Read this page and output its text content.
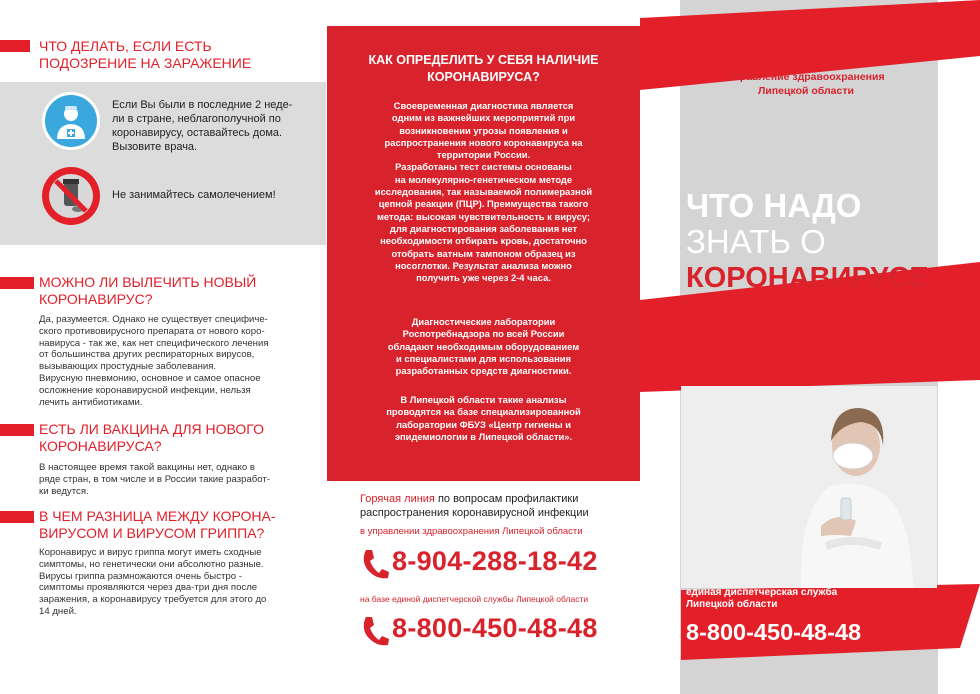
ЧТО ДЕЛАТЬ, ЕСЛИ ЕСТЬ
ПОДОЗРЕНИЕ НА ЗАРАЖЕНИЕ
Если Вы были в последние 2 неде-
ли в стране, неблагополучной по
коронавирусу, оставайтесь дома.
Вызовите врача.
Не занимайтесь самолечением!
МОЖНО ЛИ ВЫЛЕЧИТЬ НОВЫЙ
КОРОНАВИРУС?
Да, разумеется. Однако не существует специфиче-
ского противовирусного препарата от нового коро-
навируса - так же, как нет специфического лечения
от большинства других респираторных вирусов,
вызывающих простудные заболевания.
Вирусную пневмонию, основное и самое опасное
осложнение коронавирусной инфекции, нельзя
лечить антибиотиками.
ЕСТЬ ЛИ ВАКЦИНА ДЛЯ НОВОГО
КОРОНАВИРУСА?
В настоящее время такой вакцины нет, однако в
ряде стран, в том числе и в России такие разработ-
ки ведутся.
В ЧЕМ РАЗНИЦА МЕЖДУ КОРОНА-
ВИРУСОМ И ВИРУСОМ ГРИППА?
Коронавирус и вирус гриппа могут иметь сходные
симптомы, но генетически они абсолютно разные.
Вирусы гриппа размножаются очень быстро -
симптомы проявляются через два-три дня после
заражения, а коронавирусу требуется для этого до
14 дней.
КАК ОПРЕДЕЛИТЬ У СЕБЯ НАЛИЧИЕ
КОРОНАВИРУСА?
Своевременная диагностика является
одним из важнейших мероприятий при
возникновении угрозы появления и
распространения нового коронавируса на
территории России.
Разработаны тест системы основаны
на молекулярно-генетическом методе
исследования, так называемой полимеразной
цепной реакции (ПЦР). Преимущества такого
метода: высокая чувствительность к вирусу;
для диагностирования заболевания нет
необходимости отбирать кровь, достаточно
отобрать ватным тампоном образец из
носоглотки. Результат анализа можно
получить уже через 2-4 часа.
Диагностические лаборатории
Роспотребнадзора по всей России
обладают необходимым оборудованием
и специалистами для использования
разработанных средств диагностики.
В Липецкой области такие анализы
проводятся на базе специализированной
лаборатории ФБУЗ «Центр гигиены и
эпидемиологии в Липецкой области».
Горячая линия по вопросам профилактики
распространения коронавирусной инфекции
в управлении здравоохранения Липецкой области
8-904-288-18-42
на базе единой диспетчерской службы Липецкой области
8-800-450-48-48
Управление здравоохранения
Липецкой области
ЧТО НАДО
ЗНАТЬ О
КОРОНАВИРУСЕ
единая диспетчерская служба
Липецкой области
8-800-450-48-48
